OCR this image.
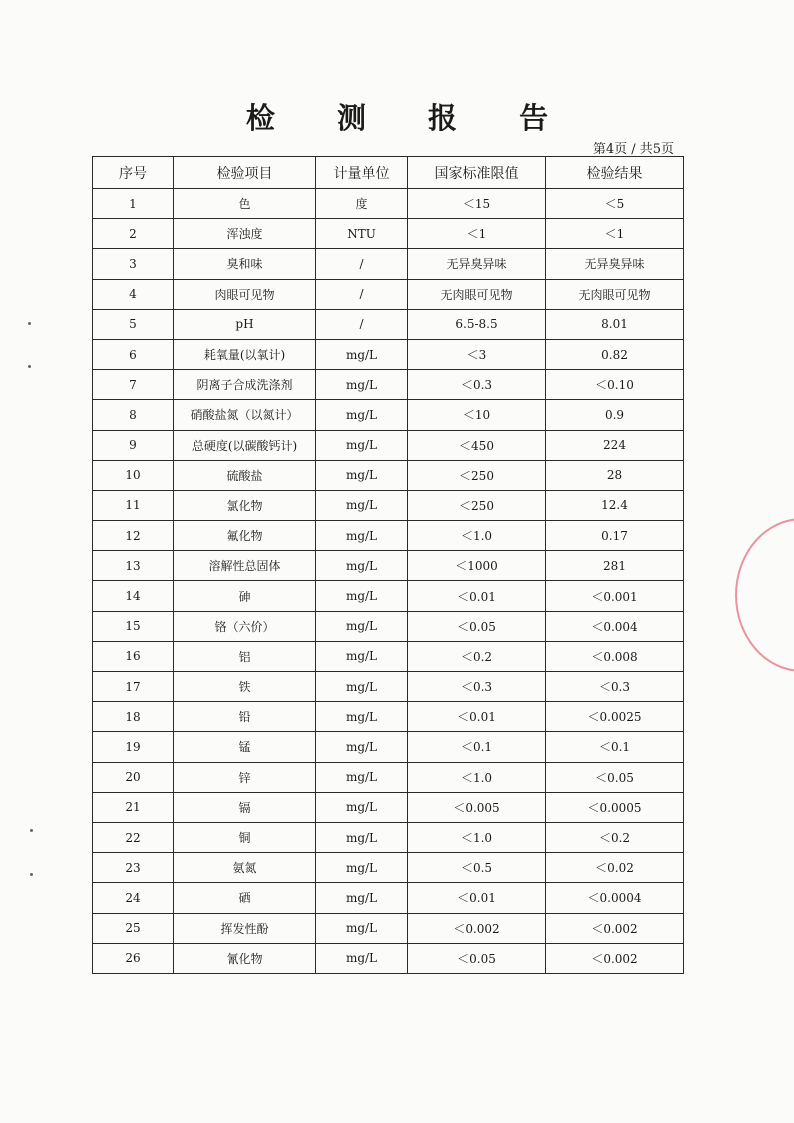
检 测 报 告
第4页 / 共5页
序号	检验项目	计量单位	国家标准限值	检验结果
1	色	度	＜15	＜5
2	浑浊度	NTU	＜1	＜1
3	臭和味	/	无异臭异味	无异臭异味
4	肉眼可见物	/	无肉眼可见物	无肉眼可见物
5	pH	/	6.5-8.5	8.01
6	耗氧量(以氧计)	mg/L	＜3	0.82
7	阴离子合成洗涤剂	mg/L	＜0.3	＜0.10
8	硝酸盐氮（以氮计）	mg/L	＜10	0.9
9	总硬度(以碳酸钙计)	mg/L	＜450	224
10	硫酸盐	mg/L	＜250	28
11	氯化物	mg/L	＜250	12.4
12	氟化物	mg/L	＜1.0	0.17
13	溶解性总固体	mg/L	＜1000	281
14	砷	mg/L	＜0.01	＜0.001
15	铬（六价）	mg/L	＜0.05	＜0.004
16	铝	mg/L	＜0.2	＜0.008
17	铁	mg/L	＜0.3	＜0.3
18	铅	mg/L	＜0.01	＜0.0025
19	锰	mg/L	＜0.1	＜0.1
20	锌	mg/L	＜1.0	＜0.05
21	镉	mg/L	＜0.005	＜0.0005
22	铜	mg/L	＜1.0	＜0.2
23	氨氮	mg/L	＜0.5	＜0.02
24	硒	mg/L	＜0.01	＜0.0004
25	挥发性酚	mg/L	＜0.002	＜0.002
26	氰化物	mg/L	＜0.05	＜0.002
